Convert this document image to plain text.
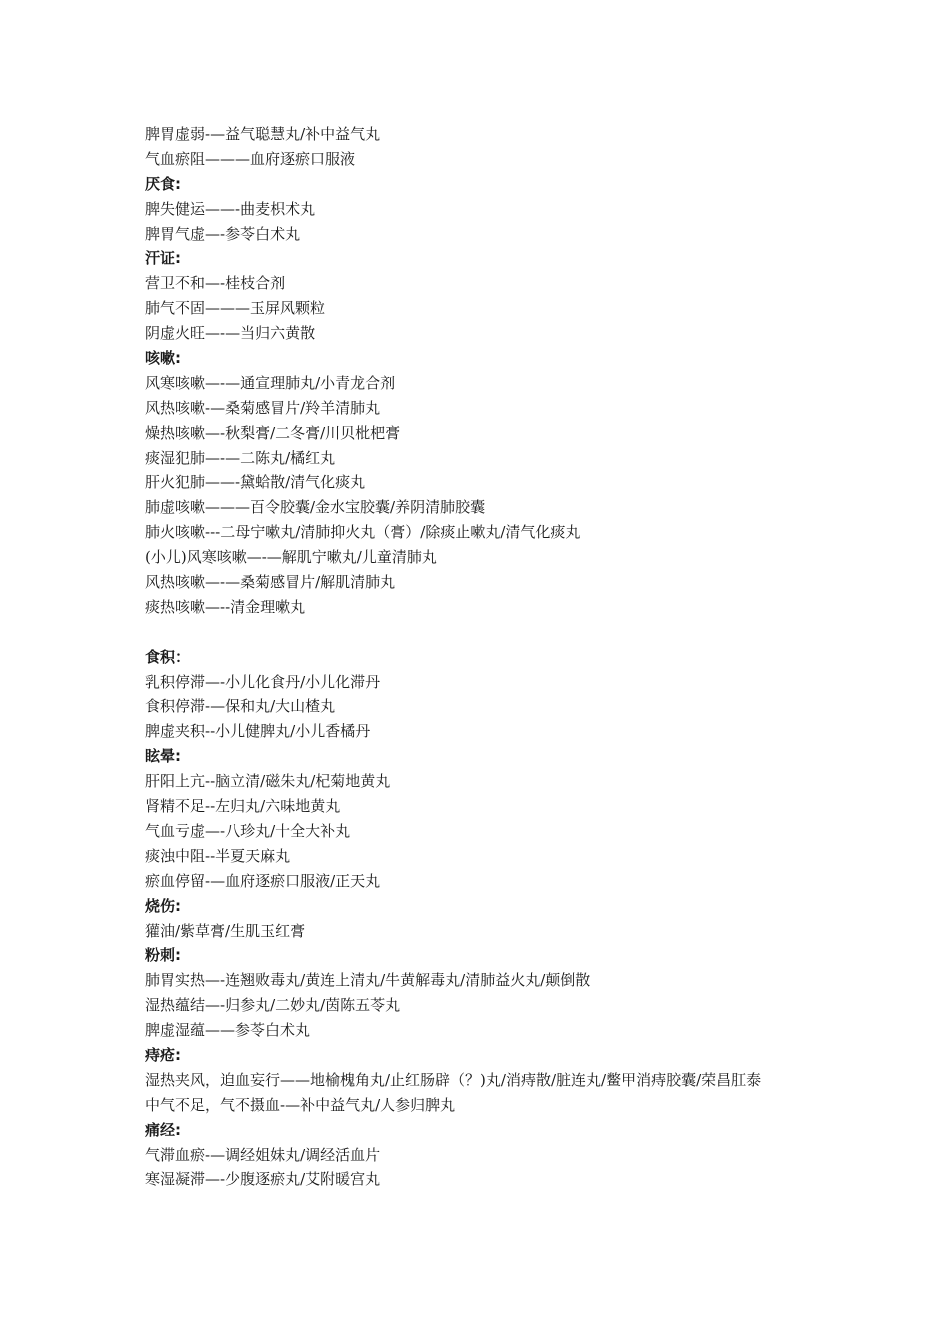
脾胃虚弱-—益气聪慧丸/补中益气丸
气血瘀阻———血府逐瘀口服液
厌食:
脾失健运——-曲麦枳术丸
脾胃气虚—-参苓白术丸
汗证:
营卫不和—-桂枝合剂
肺气不固———玉屏风颗粒
阴虚火旺—-—当归六黄散
咳嗽:
风寒咳嗽—-—通宣理肺丸/小青龙合剂
风热咳嗽-—桑菊感冒片/羚羊清肺丸
燥热咳嗽—-秋梨膏/二冬膏/川贝枇杷膏
痰湿犯肺—-—二陈丸/橘红丸
肝火犯肺——-黛蛤散/清气化痰丸
肺虚咳嗽———百令胶囊/金水宝胶囊/养阴清肺胶囊
肺火咳嗽---二母宁嗽丸/清肺抑火丸（膏）/除痰止嗽丸/清气化痰丸
(小儿)风寒咳嗽—-—解肌宁嗽丸/儿童清肺丸
风热咳嗽—-—桑菊感冒片/解肌清肺丸
痰热咳嗽—--清金理嗽丸
食积：
乳积停滞—-小儿化食丹/小儿化滞丹
食积停滞-—保和丸/大山楂丸
脾虚夹积--小儿健脾丸/小儿香橘丹
眩晕:
肝阳上亢--脑立清/磁朱丸/杞菊地黄丸
肾精不足--左归丸/六味地黄丸
气血亏虚—-八珍丸/十全大补丸
痰浊中阻--半夏天麻丸
瘀血停留-—血府逐瘀口服液/正天丸
烧伤:
獾油/紫草膏/生肌玉红膏
粉刺:
肺胃实热—-连翘败毒丸/黄连上清丸/牛黄解毒丸/清肺益火丸/颠倒散
湿热蕴结—-归参丸/二妙丸/茵陈五苓丸
脾虚湿蕴——参苓白术丸
痔疮:
湿热夹风，迫血妄行——地榆槐角丸/止红肠辟（？)丸/消痔散/脏连丸/鳖甲消痔胶囊/荣昌肛泰
中气不足，气不摄血-—补中益气丸/人参归脾丸
痛经:
气滞血瘀-—调经姐妹丸/调经活血片
寒湿凝滞—-少腹逐瘀丸/艾附暖宫丸
